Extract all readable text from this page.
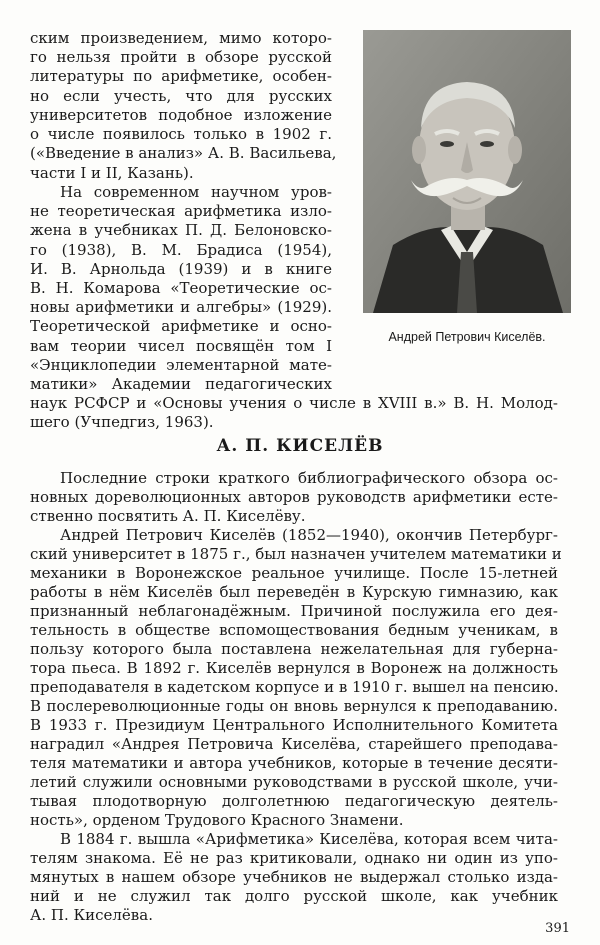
Андрей Петрович Киселёв.
ским произведением, мимо которо-
го нельзя пройти в обзоре русской
литературы по арифметике, особен-
но если учесть, что для русских
университетов подобное изложение
о числе появилось только в 1902 г.
(«Введение в анализ» А. В. Васильева,
части I и II, Казань).
На современном научном уров-
не теоретическая арифметика изло-
жена в учебниках П. Д. Белоновско-
го (1938), В. М. Брадиса (1954),
И. В. Арнольда (1939) и в книге
В. Н. Комарова «Теоретические ос-
новы арифметики и алгебры» (1929).
Теоретической арифметике и осно-
вам теории чисел посвящён том I
«Энциклопедии элементарной мате-
матики» Академии педагогических
наук РСФСР и «Основы учения о числе в XVIII в.» В. Н. Молод-
шего (Учпедгиз, 1963).
А. П. КИСЕЛЁВ
Последние строки краткого библиографического обзора ос-
новных дореволюционных авторов руководств арифметики есте-
ственно посвятить А. П. Киселёву.
Андрей Петрович Киселёв (1852—1940), окончив Петербург-
ский университет в 1875 г., был назначен учителем математики и
механики в Воронежское реальное училище. После 15-летней
работы в нём Киселёв был переведён в Курскую гимназию, как
признанный неблагонадёжным. Причиной послужила его дея-
тельность в обществе вспомоществования бедным ученикам, в
пользу которого была поставлена нежелательная для губерна-
тора пьеса. В 1892 г. Киселёв вернулся в Воронеж на должность
преподавателя в кадетском корпусе и в 1910 г. вышел на пенсию.
В послереволюционные годы он вновь вернулся к преподаванию.
В 1933 г. Президиум Центрального Исполнительного Комитета
наградил «Андрея Петровича Киселёва, старейшего преподава-
теля математики и автора учебников, которые в течение десяти-
летий служили основными руководствами в русской школе, учи-
тывая плодотворную долголетнюю педагогическую деятель-
ность», орденом Трудового Красного Знамени.
В 1884 г. вышла «Арифметика» Киселёва, которая всем чита-
телям знакома. Её не раз критиковали, однако ни один из упо-
мянутых в нашем обзоре учебников не выдержал столько изда-
ний и не служил так долго русской школе, как учебник
А. П. Киселёва.
391
